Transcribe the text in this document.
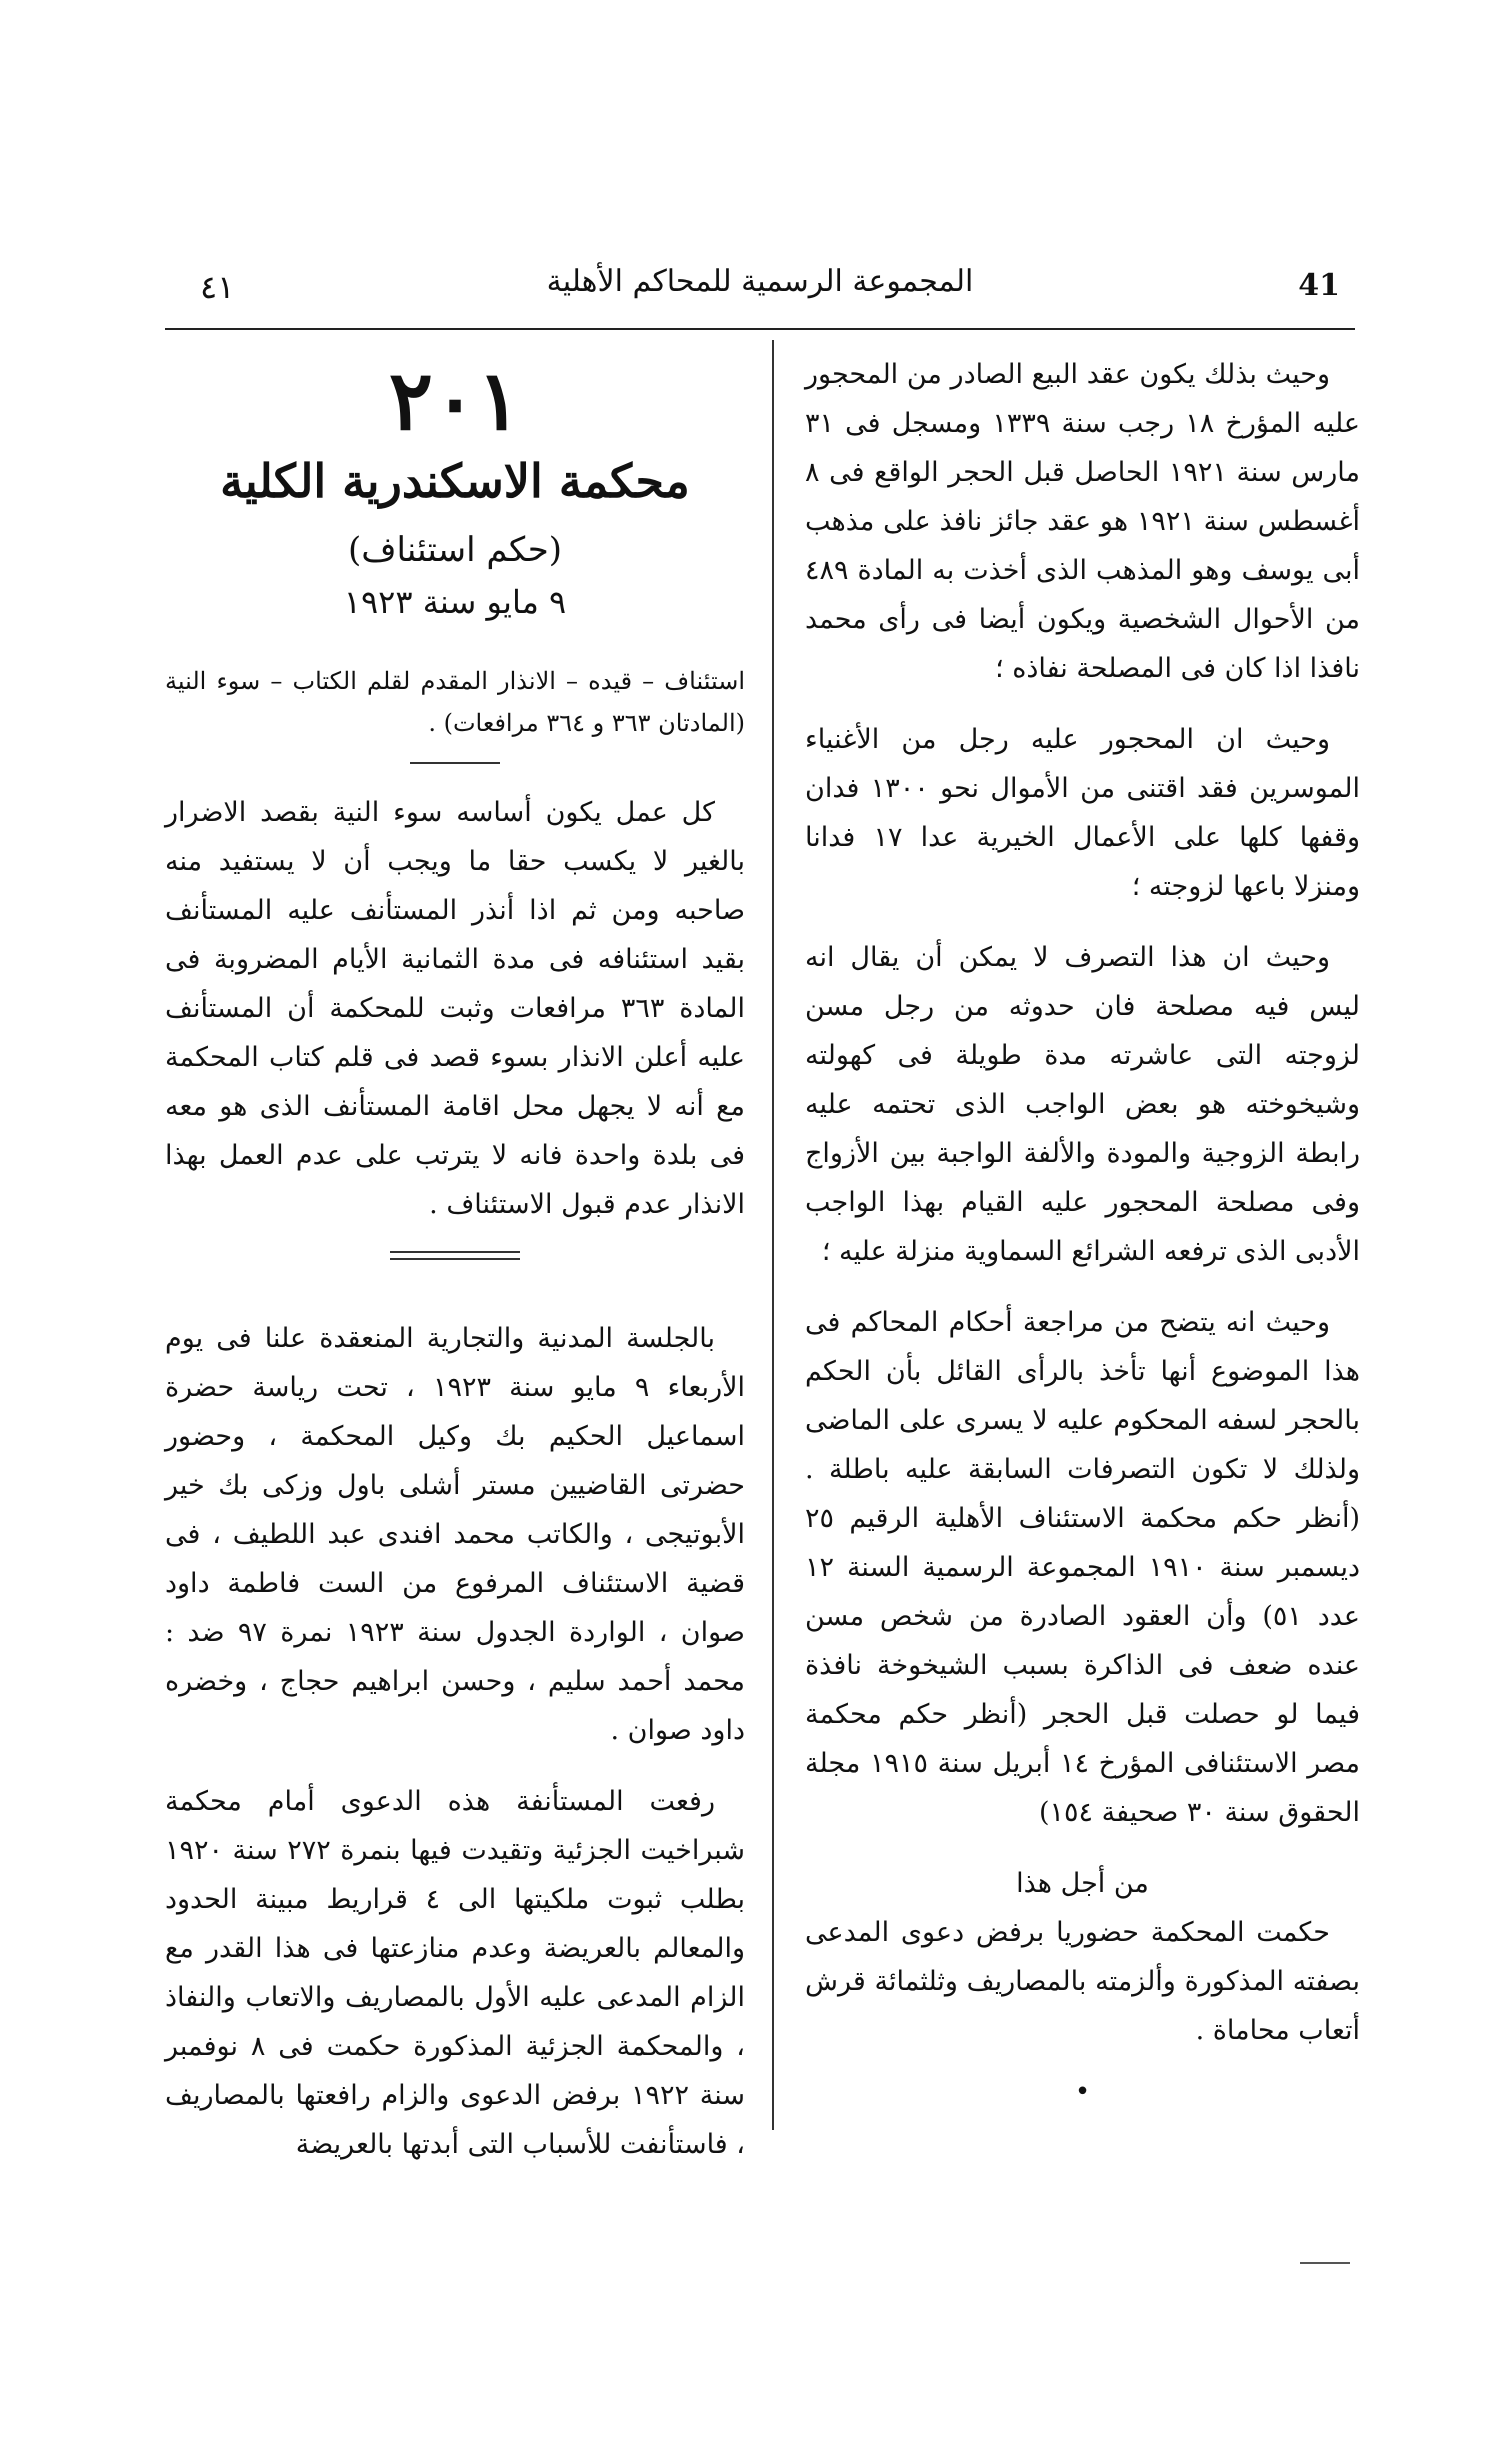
٤١	المجموعة الرسمية للمحاكم الأهلية	41
٢٠١
محكمة الاسكندرية الكلية
(حكم استئناف)
٩ مايو سنة ١٩٢٣
استئناف – قيده – الانذار المقدم لقلم الكتاب – سوء النية (المادتان ٣٦٣ و ٣٦٤ مرافعات) .

كل عمل يكون أساسه سوء النية بقصد الاضرار بالغير لا يكسب حقا ما ويجب أن لا يستفيد منه صاحبه ومن ثم اذا أنذر المستأنف عليه المستأنف بقيد استئنافه فى مدة الثمانية الأيام المضروبة فى المادة ٣٦٣ مرافعات وثبت للمحكمة أن المستأنف عليه أعلن الانذار بسوء قصد فى قلم كتاب المحكمة مع أنه لا يجهل محل اقامة المستأنف الذى هو معه فى بلدة واحدة فانه لا يترتب على عدم العمل بهذا الانذار عدم قبول الاستئناف .

بالجلسة المدنية والتجارية المنعقدة علنا فى يوم الأربعاء ٩ مايو سنة ١٩٢٣ ، تحت رياسة حضرة اسماعيل الحكيم بك وكيل المحكمة ، وحضور حضرتى القاضيين مستر أشلى باول وزكى بك خير الأبوتيجى ، والكاتب محمد افندى عبد اللطيف ، فى قضية الاستئناف المرفوع من الست فاطمة داود صوان ، الواردة الجدول سنة ١٩٢٣ نمرة ٩٧ ضد : محمد أحمد سليم ، وحسن ابراهيم حجاج ، وخضره داود صوان .

رفعت المستأنفة هذه الدعوى أمام محكمة شبراخيت الجزئية وتقيدت فيها بنمرة ٢٧٢ سنة ١٩٢٠ بطلب ثبوت ملكيتها الى ٤ قراريط مبينة الحدود والمعالم بالعريضة وعدم منازعتها فى هذا القدر مع الزام المدعى عليه الأول بالمصاريف والاتعاب والنفاذ ، والمحكمة الجزئية المذكورة حكمت فى ٨ نوفمبر سنة ١٩٢٢ برفض الدعوى والزام رافعتها بالمصاريف ، فاستأنفت للأسباب التى أبدتها بالعريضة

وحيث بذلك يكون عقد البيع الصادر من المحجور عليه المؤرخ ١٨ رجب سنة ١٣٣٩ ومسجل فى ٣١ مارس سنة ١٩٢١ الحاصل قبل الحجر الواقع فى ٨ أغسطس سنة ١٩٢١ هو عقد جائز نافذ على مذهب أبى يوسف وهو المذهب الذى أخذت به المادة ٤٨٩ من الأحوال الشخصية ويكون أيضا فى رأى محمد نافذا اذا كان فى المصلحة نفاذه ؛

وحيث ان المحجور عليه رجل من الأغنياء الموسرين فقد اقتنى من الأموال نحو ١٣٠٠ فدان وقفها كلها على الأعمال الخيرية عدا ١٧ فدانا ومنزلا باعها لزوجته ؛

وحيث ان هذا التصرف لا يمكن أن يقال انه ليس فيه مصلحة فان حدوثه من رجل مسن لزوجته التى عاشرته مدة طويلة فى كهولته وشيخوخته هو بعض الواجب الذى تحتمه عليه رابطة الزوجية والمودة والألفة الواجبة بين الأزواج وفى مصلحة المحجور عليه القيام بهذا الواجب الأدبى الذى ترفعه الشرائع السماوية منزلة عليه ؛

وحيث انه يتضح من مراجعة أحكام المحاكم فى هذا الموضوع أنها تأخذ بالرأى القائل بأن الحكم بالحجر لسفه المحكوم عليه لا يسرى على الماضى ولذلك لا تكون التصرفات السابقة عليه باطلة . (أنظر حكم محكمة الاستئناف الأهلية الرقيم ٢٥ ديسمبر سنة ١٩١٠ المجموعة الرسمية السنة ١٢ عدد ٥١) وأن العقود الصادرة من شخص مسن عنده ضعف فى الذاكرة بسبب الشيخوخة نافذة فيما لو حصلت قبل الحجر (أنظر حكم محكمة مصر الاستئنافى المؤرخ ١٤ أبريل سنة ١٩١٥ مجلة الحقوق سنة ٣٠ صحيفة ١٥٤)

من أجل هذا

حكمت المحكمة حضوريا برفض دعوى المدعى بصفته المذكورة وألزمته بالمصاريف وثلثمائة قرش أتعاب محاماة .

•
